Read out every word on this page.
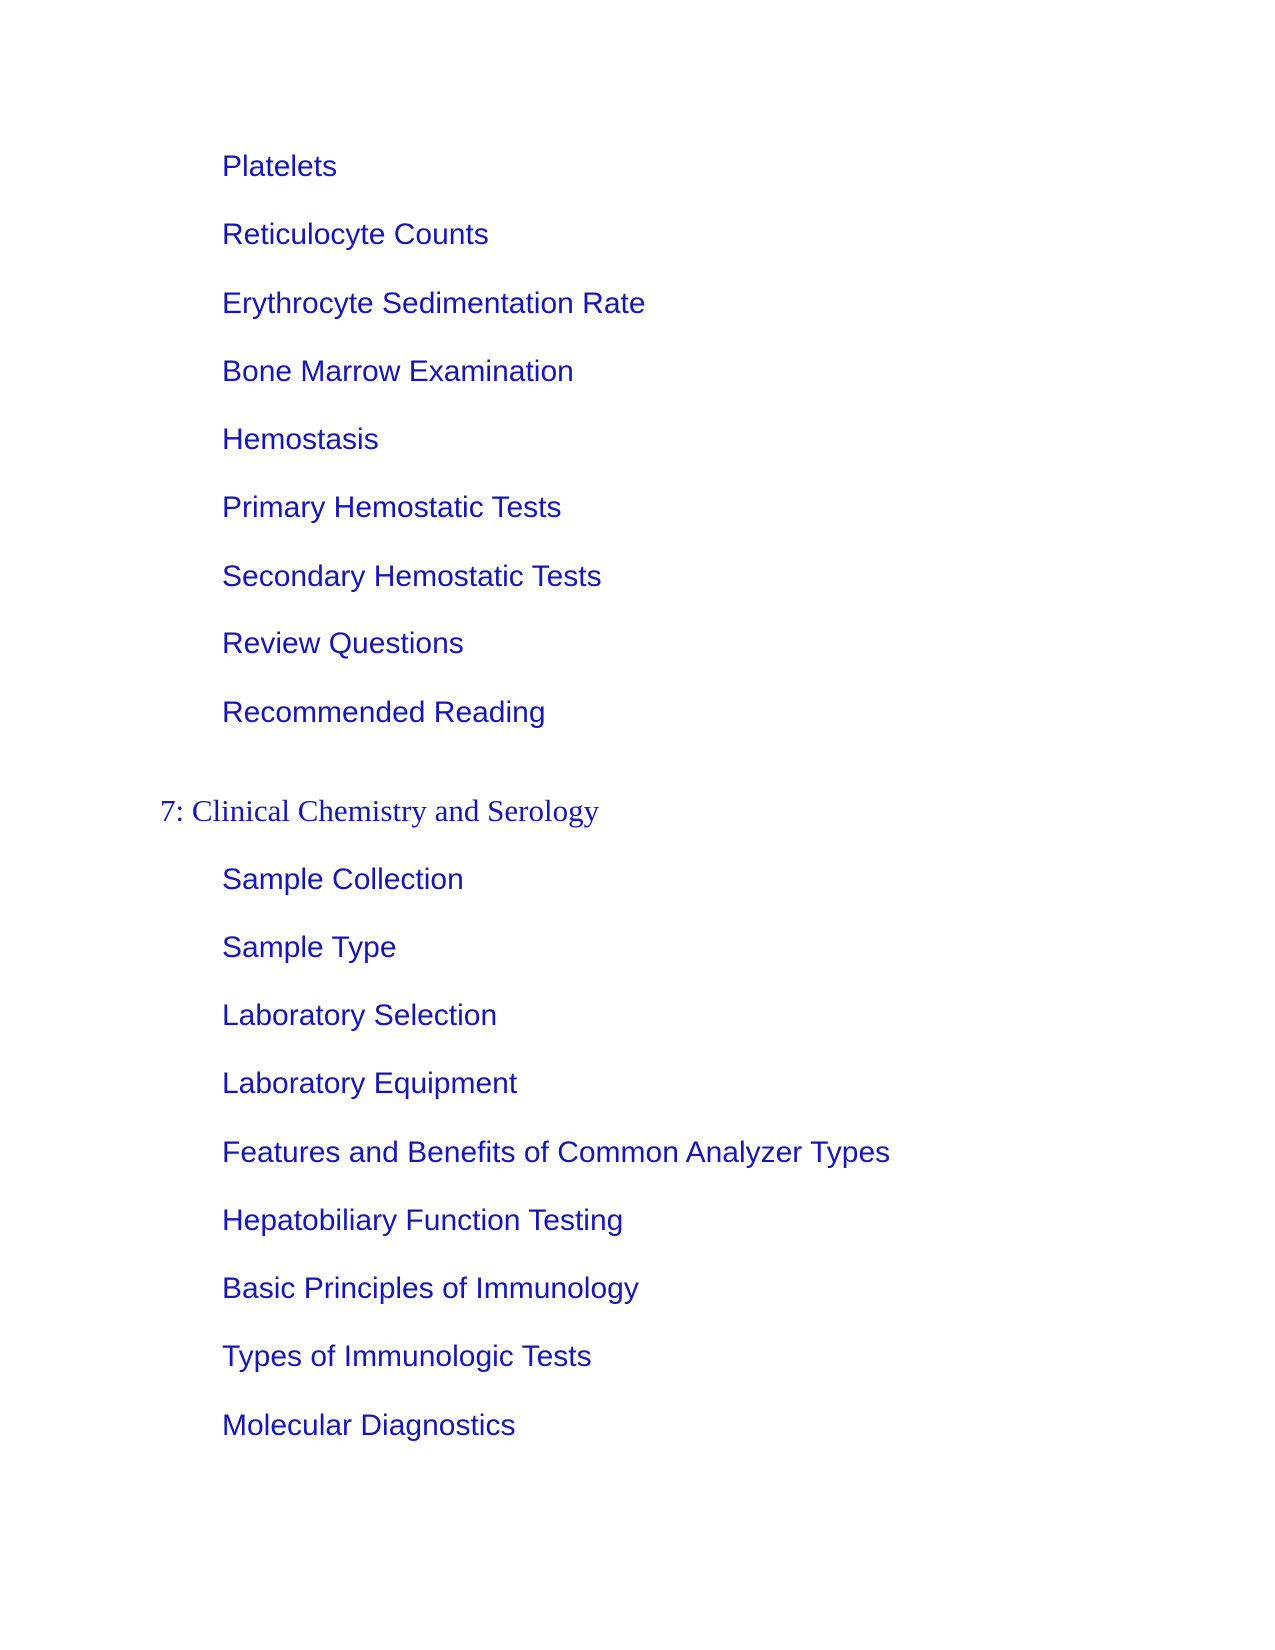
Platelets
Reticulocyte Counts
Erythrocyte Sedimentation Rate
Bone Marrow Examination
Hemostasis
Primary Hemostatic Tests
Secondary Hemostatic Tests
Review Questions
Recommended Reading
7: Clinical Chemistry and Serology
Sample Collection
Sample Type
Laboratory Selection
Laboratory Equipment
Features and Benefits of Common Analyzer Types
Hepatobiliary Function Testing
Basic Principles of Immunology
Types of Immunologic Tests
Molecular Diagnostics
